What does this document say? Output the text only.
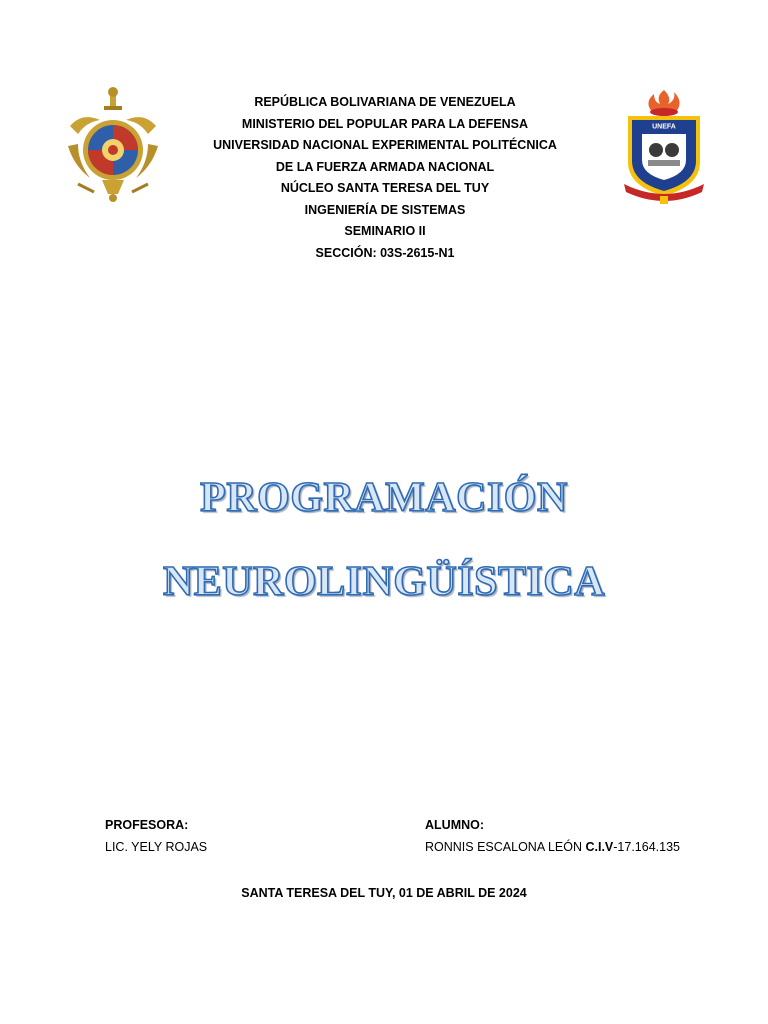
UNEFA
REPÚBLICA BOLIVARIANA DE VENEZUELA
MINISTERIO DEL POPULAR PARA LA DEFENSA
UNIVERSIDAD NACIONAL EXPERIMENTAL POLITÉCNICA
DE LA FUERZA ARMADA NACIONAL
NÚCLEO SANTA TERESA DEL TUY
INGENIERÍA DE SISTEMAS
SEMINARIO II
SECCIÓN: 03S-2615-N1
PROGRAMACIÓN
NEUROLINGÜÍSTICA
PROFESORA:
LIC. YELY ROJAS
ALUMNO:
RONNIS ESCALONA LEÓN C.I.V-17.164.135
SANTA TERESA DEL TUY, 01 DE ABRIL DE 2024
